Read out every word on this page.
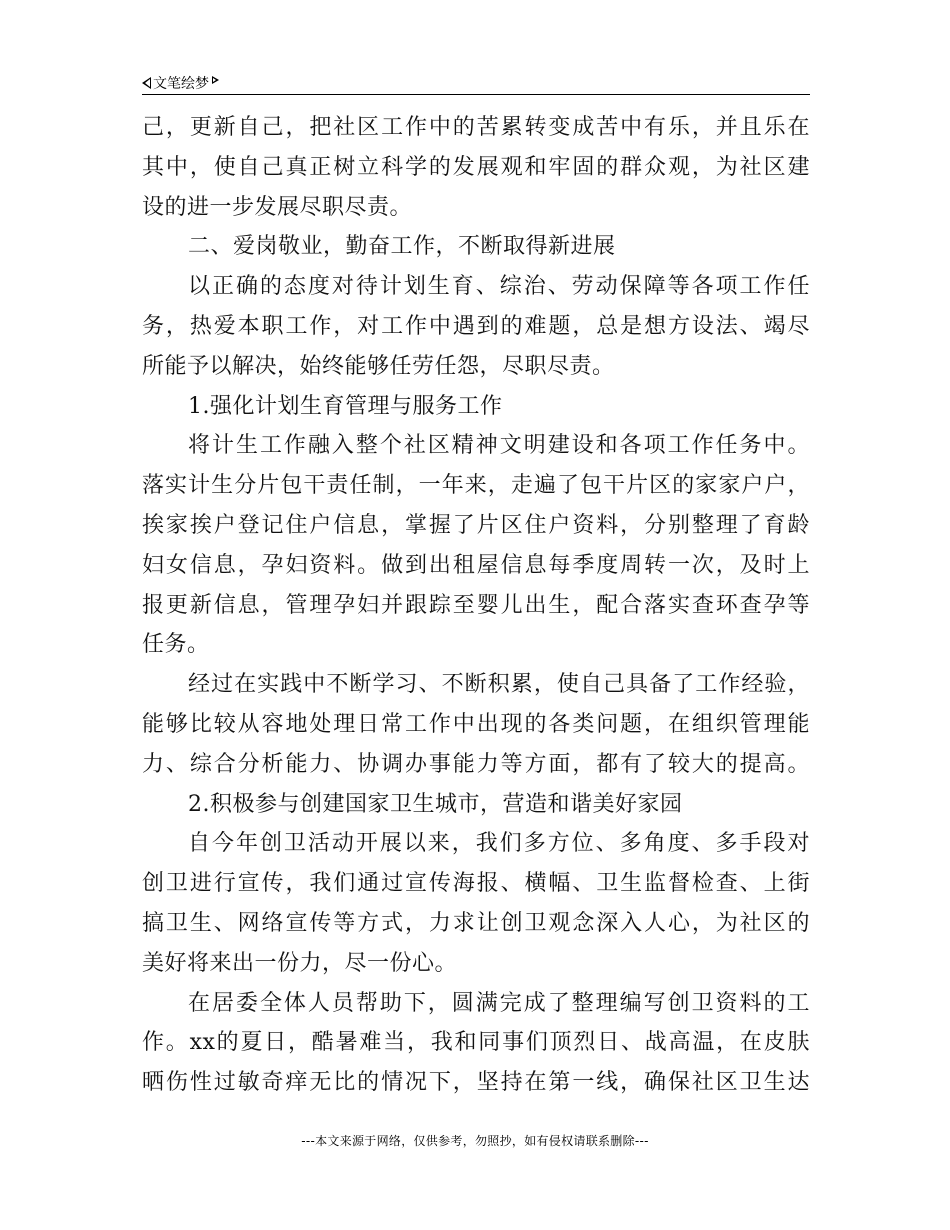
文笔绘梦
己，更新自己，把社区工作中的苦累转变成苦中有乐，并且乐在
其中，使自己真正树立科学的发展观和牢固的群众观，为社区建
设的进一步发展尽职尽责。
二、爱岗敬业，勤奋工作，不断取得新进展
以正确的态度对待计划生育、综治、劳动保障等各项工作任
务，热爱本职工作，对工作中遇到的难题，总是想方设法、竭尽
所能予以解决，始终能够任劳任怨，尽职尽责。
1.强化计划生育管理与服务工作
将计生工作融入整个社区精神文明建设和各项工作任务中。
落实计生分片包干责任制，一年来，走遍了包干片区的家家户户，
挨家挨户登记住户信息，掌握了片区住户资料，分别整理了育龄
妇女信息，孕妇资料。做到出租屋信息每季度周转一次，及时上
报更新信息，管理孕妇并跟踪至婴儿出生，配合落实查环查孕等
任务。
经过在实践中不断学习、不断积累，使自己具备了工作经验，
能够比较从容地处理日常工作中出现的各类问题，在组织管理能
力、综合分析能力、协调办事能力等方面，都有了较大的提高。
2.积极参与创建国家卫生城市，营造和谐美好家园
自今年创卫活动开展以来，我们多方位、多角度、多手段对
创卫进行宣传，我们通过宣传海报、横幅、卫生监督检查、上街
搞卫生、网络宣传等方式，力求让创卫观念深入人心，为社区的
美好将来出一份力，尽一份心。
在居委全体人员帮助下，圆满完成了整理编写创卫资料的工
作。xx的夏日，酷暑难当，我和同事们顶烈日、战高温，在皮肤
晒伤性过敏奇痒无比的情况下，坚持在第一线，确保社区卫生达
---本文来源于网络，仅供参考，勿照抄，如有侵权请联系删除---
